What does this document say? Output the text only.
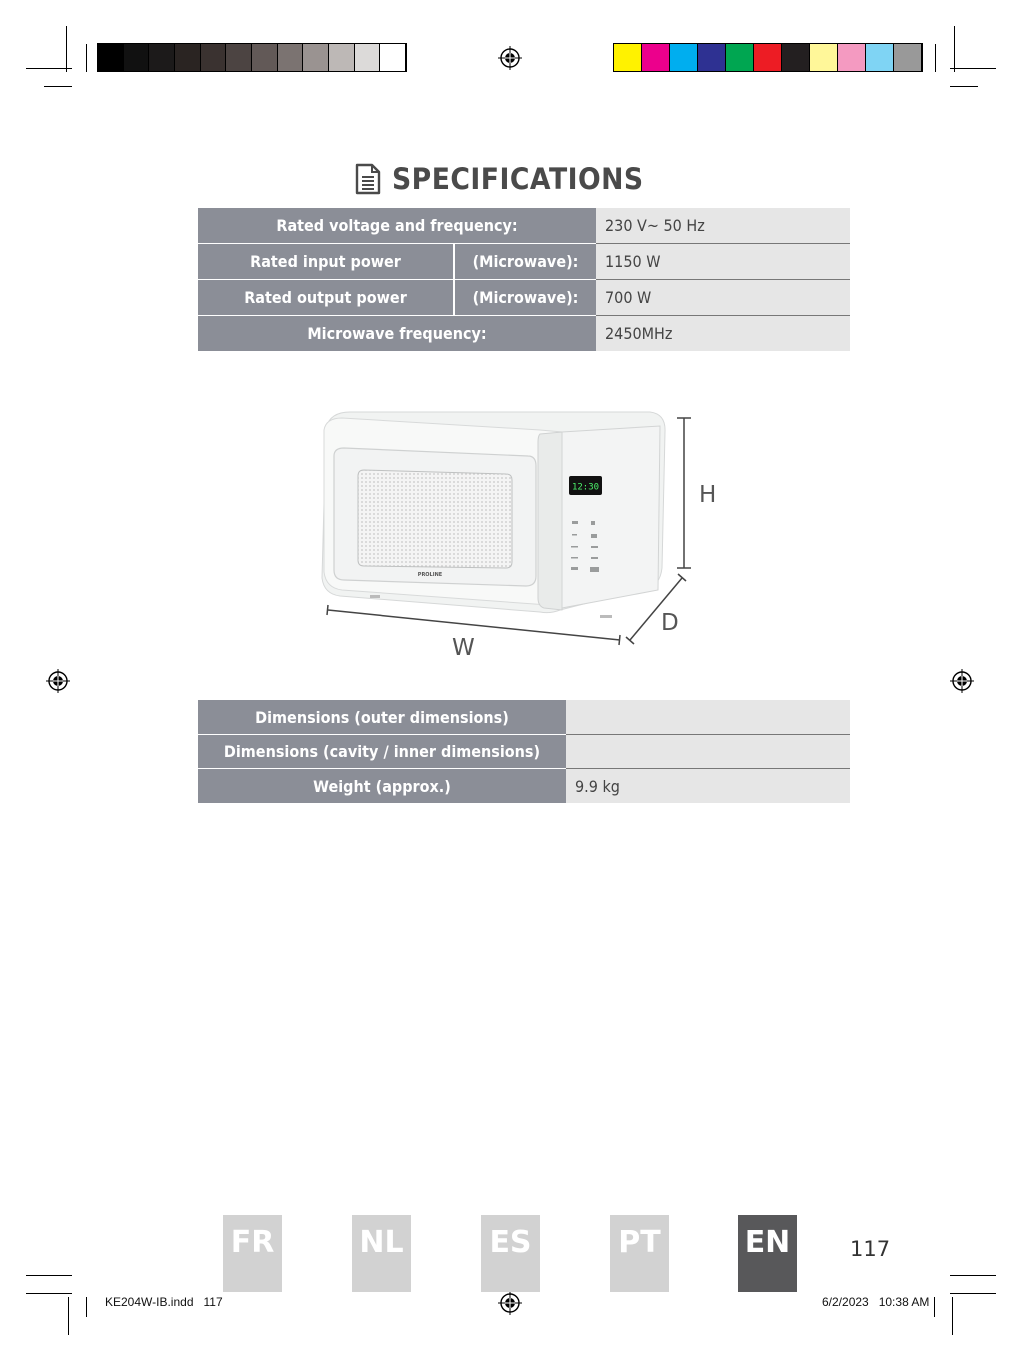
SPECIFICATIONS
Rated voltage and frequency:		230 V~ 50 Hz
Rated input power	(Microwave):	1150 W
Rated output power	(Microwave):	700 W
Microwave frequency:		2450MHz
12:30
PROLINE
H
W
D
Dimensions (outer dimensions)	
Dimensions (cavity / inner dimensions)	
Weight (approx.)	9.9 kg
FR	NL	ES	PT	EN	117
KE204W-IB.indd   117	6/2/2023   10:38 AM
